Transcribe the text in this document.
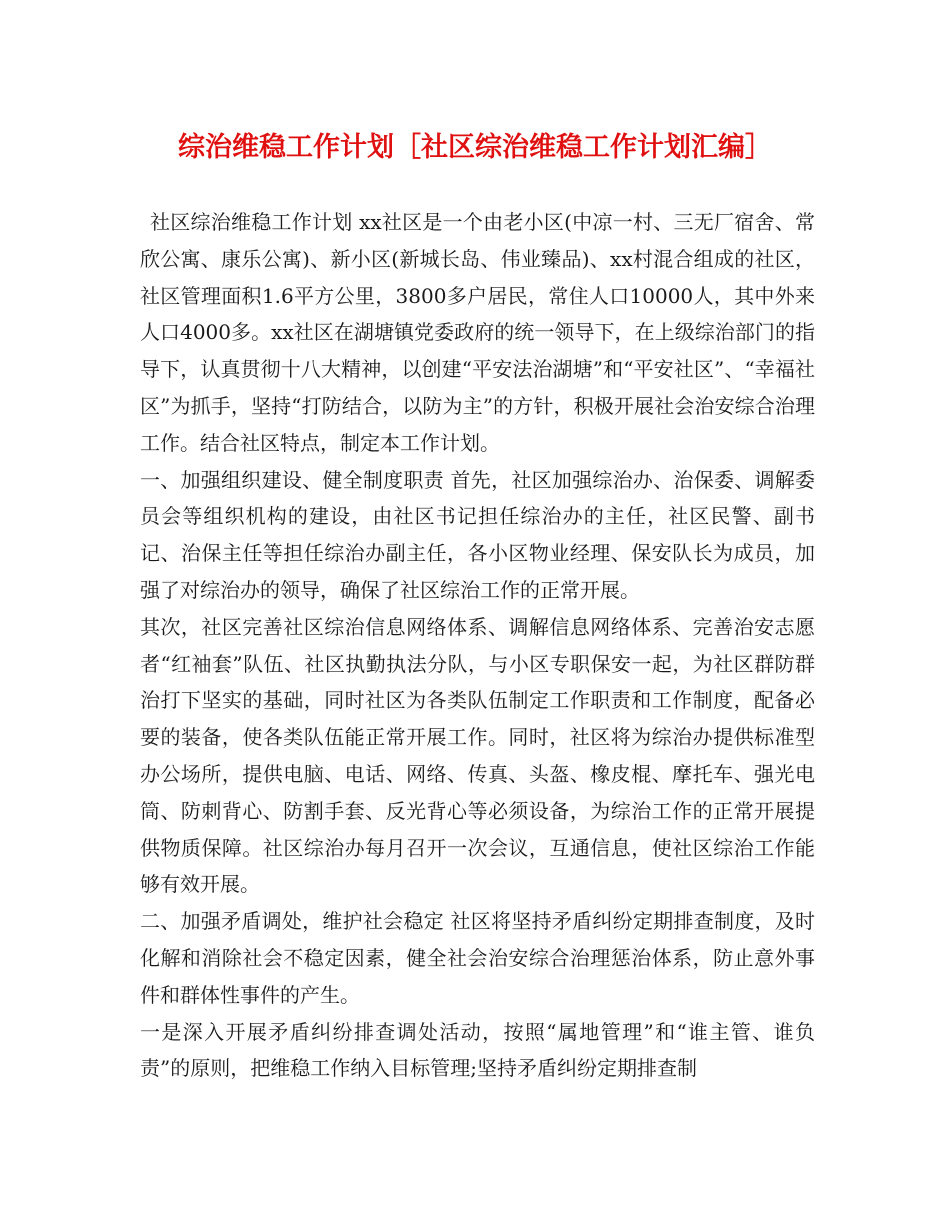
综治维稳工作计划［社区综治维稳工作计划汇编］

社区综治维稳工作计划 xx社区是一个由老小区(中凉一村、三无厂宿舍、常欣公寓、康乐公寓)、新小区(新城长岛、伟业臻品)、xx村混合组成的社区，社区管理面积1.6平方公里，3800多户居民，常住人口10000人，其中外来人口4000多。xx社区在湖塘镇党委政府的统一领导下，在上级综治部门的指导下，认真贯彻十八大精神，以创建“平安法治湖塘”和“平安社区”、“幸福社区”为抓手，坚持“打防结合，以防为主”的方针，积极开展社会治安综合治理工作。结合社区特点，制定本工作计划。

一、加强组织建设、健全制度职责 首先，社区加强综治办、治保委、调解委员会等组织机构的建设，由社区书记担任综治办的主任，社区民警、副书记、治保主任等担任综治办副主任，各小区物业经理、保安队长为成员，加强了对综治办的领导，确保了社区综治工作的正常开展。

其次，社区完善社区综治信息网络体系、调解信息网络体系、完善治安志愿者“红袖套”队伍、社区执勤执法分队，与小区专职保安一起，为社区群防群治打下坚实的基础，同时社区为各类队伍制定工作职责和工作制度，配备必要的装备，使各类队伍能正常开展工作。同时，社区将为综治办提供标准型办公场所，提供电脑、电话、网络、传真、头盔、橡皮棍、摩托车、强光电筒、防刺背心、防割手套、反光背心等必须设备，为综治工作的正常开展提供物质保障。社区综治办每月召开一次会议，互通信息，使社区综治工作能够有效开展。

二、加强矛盾调处，维护社会稳定 社区将坚持矛盾纠纷定期排查制度，及时化解和消除社会不稳定因素，健全社会治安综合治理惩治体系，防止意外事件和群体性事件的产生。

一是深入开展矛盾纠纷排查调处活动，按照“属地管理”和“谁主管、谁负责”的原则，把维稳工作纳入目标管理;坚持矛盾纠纷定期排查制
